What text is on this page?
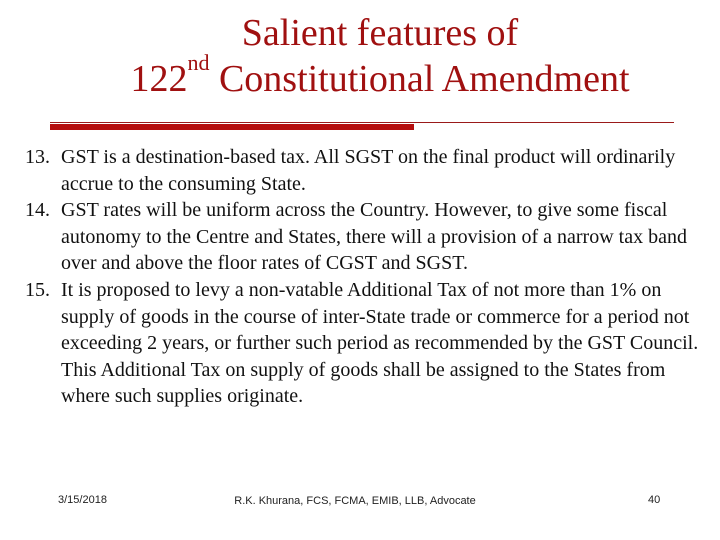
Salient features of
122nd Constitutional Amendment
13. GST is a destination-based tax. All SGST on the final product will ordinarily accrue to the consuming State.
14. GST rates will be uniform across the Country. However, to give some fiscal autonomy to the Centre and States, there will a provision of a narrow tax band over and above the floor rates of CGST and SGST.
15. It is proposed to levy a non-vatable Additional Tax of not more than 1% on supply of goods in the course of inter-State trade or commerce for a period not exceeding 2 years, or further such period as recommended by the GST Council. This Additional Tax on supply of goods shall be assigned to the States from where such supplies originate.
3/15/2018	R.K. Khurana, FCS, FCMA, EMIB, LLB, Advocate	40
